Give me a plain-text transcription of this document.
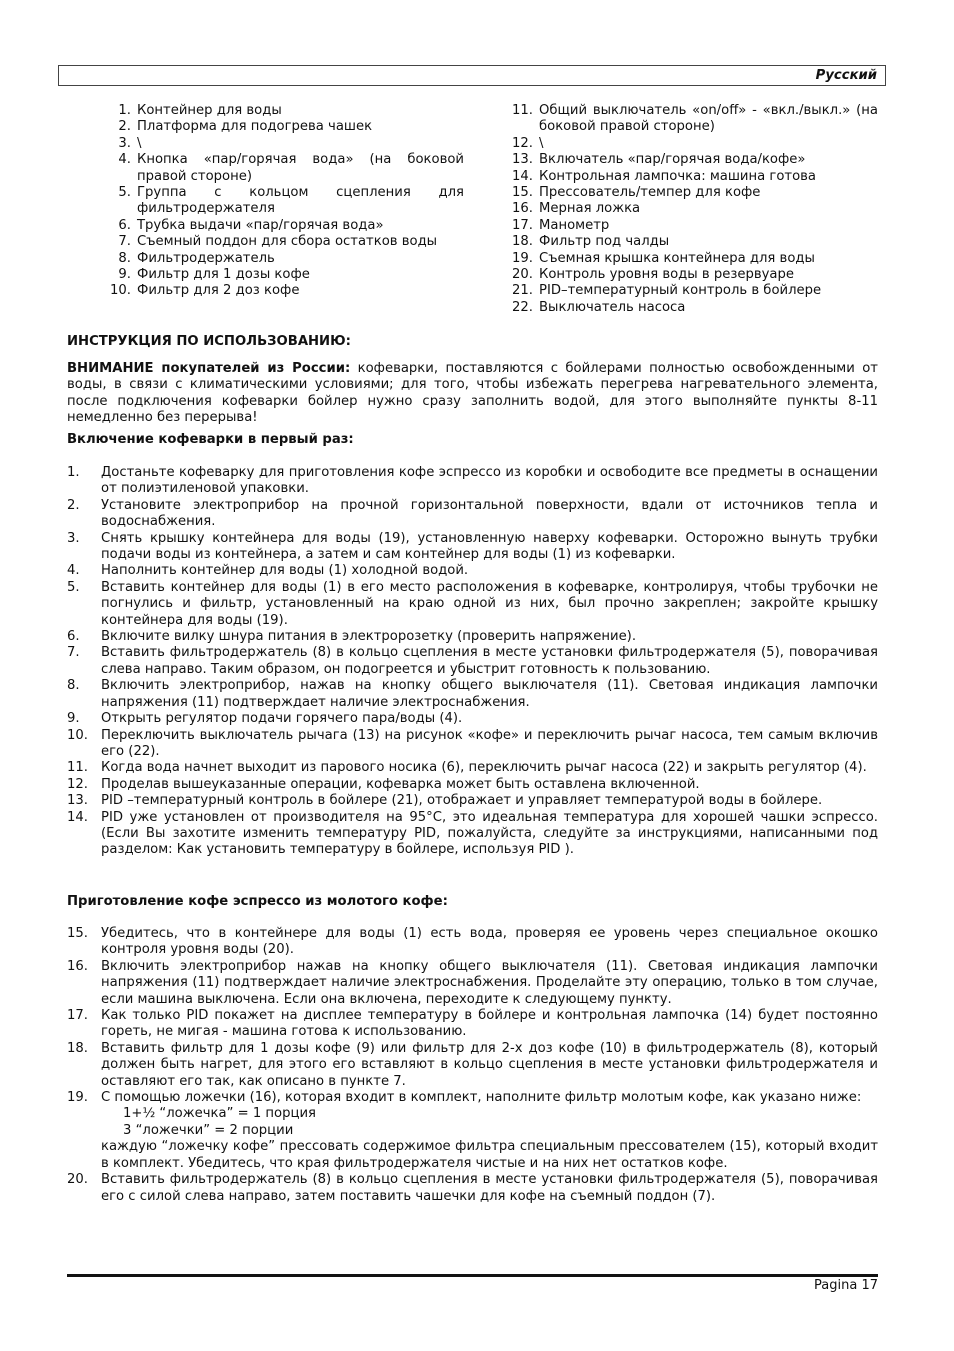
Русский
1. Контейнер для воды
2. Платформа для подогрева чашек
3. \
4. Кнопка «пар/горячая вода» (на боковой правой стороне)
5. Группа с кольцом сцепления для фильтродержателя
6. Трубка выдачи «пар/горячая вода»
7. Съемный поддон для сбора остатков воды
8. Фильтродержатель
9. Фильтр для 1 дозы кофе
10. Фильтр для 2 доз кофе
11. Общий выключатель «on/off» - «вкл./выкл.» (на боковой правой стороне)
12. \
13. Включатель «пар/горячая вода/кофе»
14. Контрольная лампочка: машина готова
15. Прессователь/темпер для кофе
16. Мерная ложка
17. Манометр
18. Фильтр под чалды
19. Съемная крышка контейнера для воды
20. Контроль уровня воды в резервуаре
21. PID–температурный контроль в бойлере
22. Выключатель насоса
ИНСТРУКЦИЯ ПО ИСПОЛЬЗОВАНИЮ:
ВНИМАНИЕ покупателей из России: кофеварки, поставляются с бойлерами полностью освобожденными от воды, в связи с климатическими условиями; для того, чтобы избежать перегрева нагревательного элемента, после подключения кофеварки бойлер нужно сразу заполнить водой, для этого выполняйте пункты 8-11 немедленно без перерыва!
Включение кофеварки в первый раз:
1.	Достаньте кофеварку для приготовления кофе эспрессо из коробки и освободите все предметы в оснащении от полиэтиленовой упаковки.
2.	Установите электроприбор на прочной горизонтальной поверхности, вдали от источников тепла и водоснабжения.
3.	Снять крышку контейнера для воды (19), установленную наверху кофеварки. Осторожно вынуть трубки подачи воды из контейнера, а затем и сам контейнер для воды (1) из кофеварки.
4.	Наполнить контейнер для воды (1) холодной водой.
5.	Вставить контейнер для воды (1) в его место расположения в кофеварке, контролируя, чтобы трубочки не погнулись и фильтр, установленный на краю одной из них, был прочно закреплен; закройте крышку контейнера для воды (19).
6.	Включите вилку шнура питания в электророзетку (проверить напряжение).
7.	Вставить фильтродержатель (8) в кольцо сцепления в месте установки фильтродержателя (5), поворачивая слева направо. Таким образом, он подогреется и убыстрит готовность к пользованию.
8.	Включить электроприбор, нажав на кнопку общего выключателя (11). Световая индикация лампочки напряжения (11) подтверждает наличие электроснабжения.
9.	Открыть регулятор подачи горячего пара/воды (4).
10. Переключить выключатель рычага (13) на рисунок «кофе» и переключить рычаг насоса, тем самым включив его (22).
11. Когда вода начнет выходит из парового носика (6), переключить рычаг насоса (22) и закрыть регулятор (4).
12. Проделав вышеуказанные операции, кофеварка может быть оставлена включенной.
13. PID –температурный контроль в бойлере (21), отображает и управляет температурой воды в бойлере.
14. PID уже установлен от производителя на 95°C, это идеальная температура для хорошей чашки эспрессо. (Если Вы захотите изменить температуру PID, пожалуйста, следуйте за инструкциями, написанными под разделом: Как установить температуру в бойлере, используя PID ).
Приготовление кофе эспрессо из молотого кофе:
15. Убедитесь, что в контейнере для воды (1) есть вода, проверяя ее уровень через специальное окошко контроля уровня воды (20).
16. Включить электроприбор нажав на кнопку общего выключателя (11). Световая индикация лампочки напряжения (11) подтверждает наличие электроснабжения. Проделайте эту операцию, только в том случае, если машина выключена. Если она включена, переходите к следующему пункту.
17. Как только PID покажет на дисплее температуру в бойлере и контрольная лампочка (14) будет постоянно гореть, не мигая - машина готова к использованию.
18. Вставить фильтр для 1 дозы кофе (9) или фильтр для 2-х доз кофе (10) в фильтродержатель (8), который должен быть нагрет, для этого его вставляют в кольцо сцепления в месте установки фильтродержателя и оставляют его так, как описано в пункте 7.
19. С помощью ложечки (16), которая входит в комплект, наполните фильтр молотым кофе, как указано ниже:
1+½ “ложечка” = 1 порция
3 “ложечки” = 2 порции
каждую “ложечку кофе” прессовать содержимое фильтра специальным прессователем (15), который входит в комплект. Убедитесь, что края фильтродержателя чистые и на них нет остатков кофе.
20. Вставить фильтродержатель (8) в кольцо сцепления в месте установки фильтродержателя (5), поворачивая его с силой слева направо, затем поставить чашечки для кофе на съемный поддон (7).
Pagina 17
